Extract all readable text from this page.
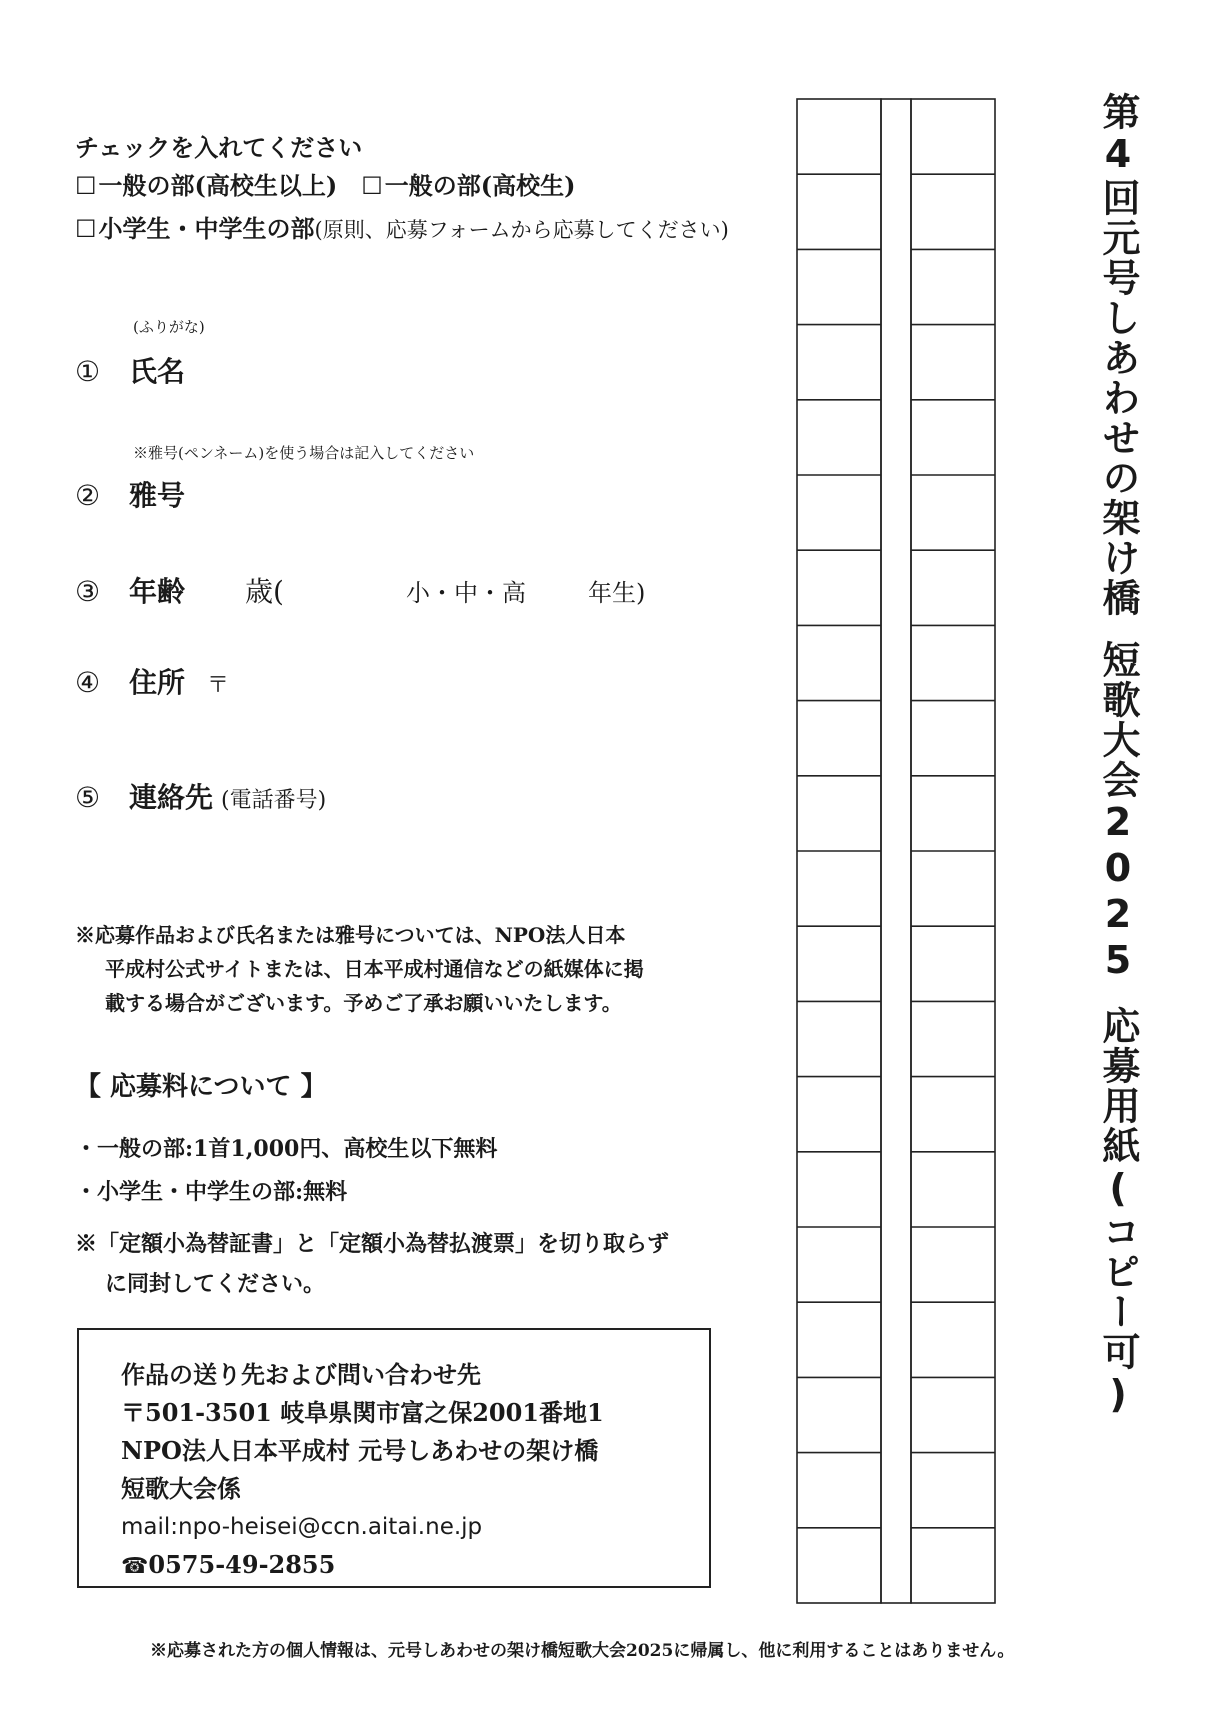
チェックを入れてください
☐一般の部(高校生以上) ☐一般の部(高校生)
☐小学生・中学生の部(原則、応募フォームから応募してください)
(ふりがな)
① 氏名
※雅号(ペンネーム)を使う場合は記入してください
② 雅号
③ 年齢 歳(	小・中・高	年生)
④ 住所 〒
⑤ 連絡先 (電話番号)
※応募作品および氏名または雅号については、NPO法人日本
平成村公式サイトまたは、日本平成村通信などの紙媒体に掲
載する場合がございます。予めご了承お願いいたします。
【 応募料について 】
・一般の部:1首1,000円、高校生以下無料
・小学生・中学生の部:無料
※「定額小為替証書」と「定額小為替払渡票」を切り取らず
に同封してください。
作品の送り先および問い合わせ先
〒501-3501 岐阜県関市富之保2001番地1
NPO法人日本平成村 元号しあわせの架け橋
短歌大会係
mail:npo-heisei@ccn.aitai.ne.jp
☎0575-49-2855
第4回元号しあわせの架け橋短歌大会2025応募用紙(コピー可)
※応募された方の個人情報は、元号しあわせの架け橋短歌大会2025に帰属し、他に利用することはありません。
